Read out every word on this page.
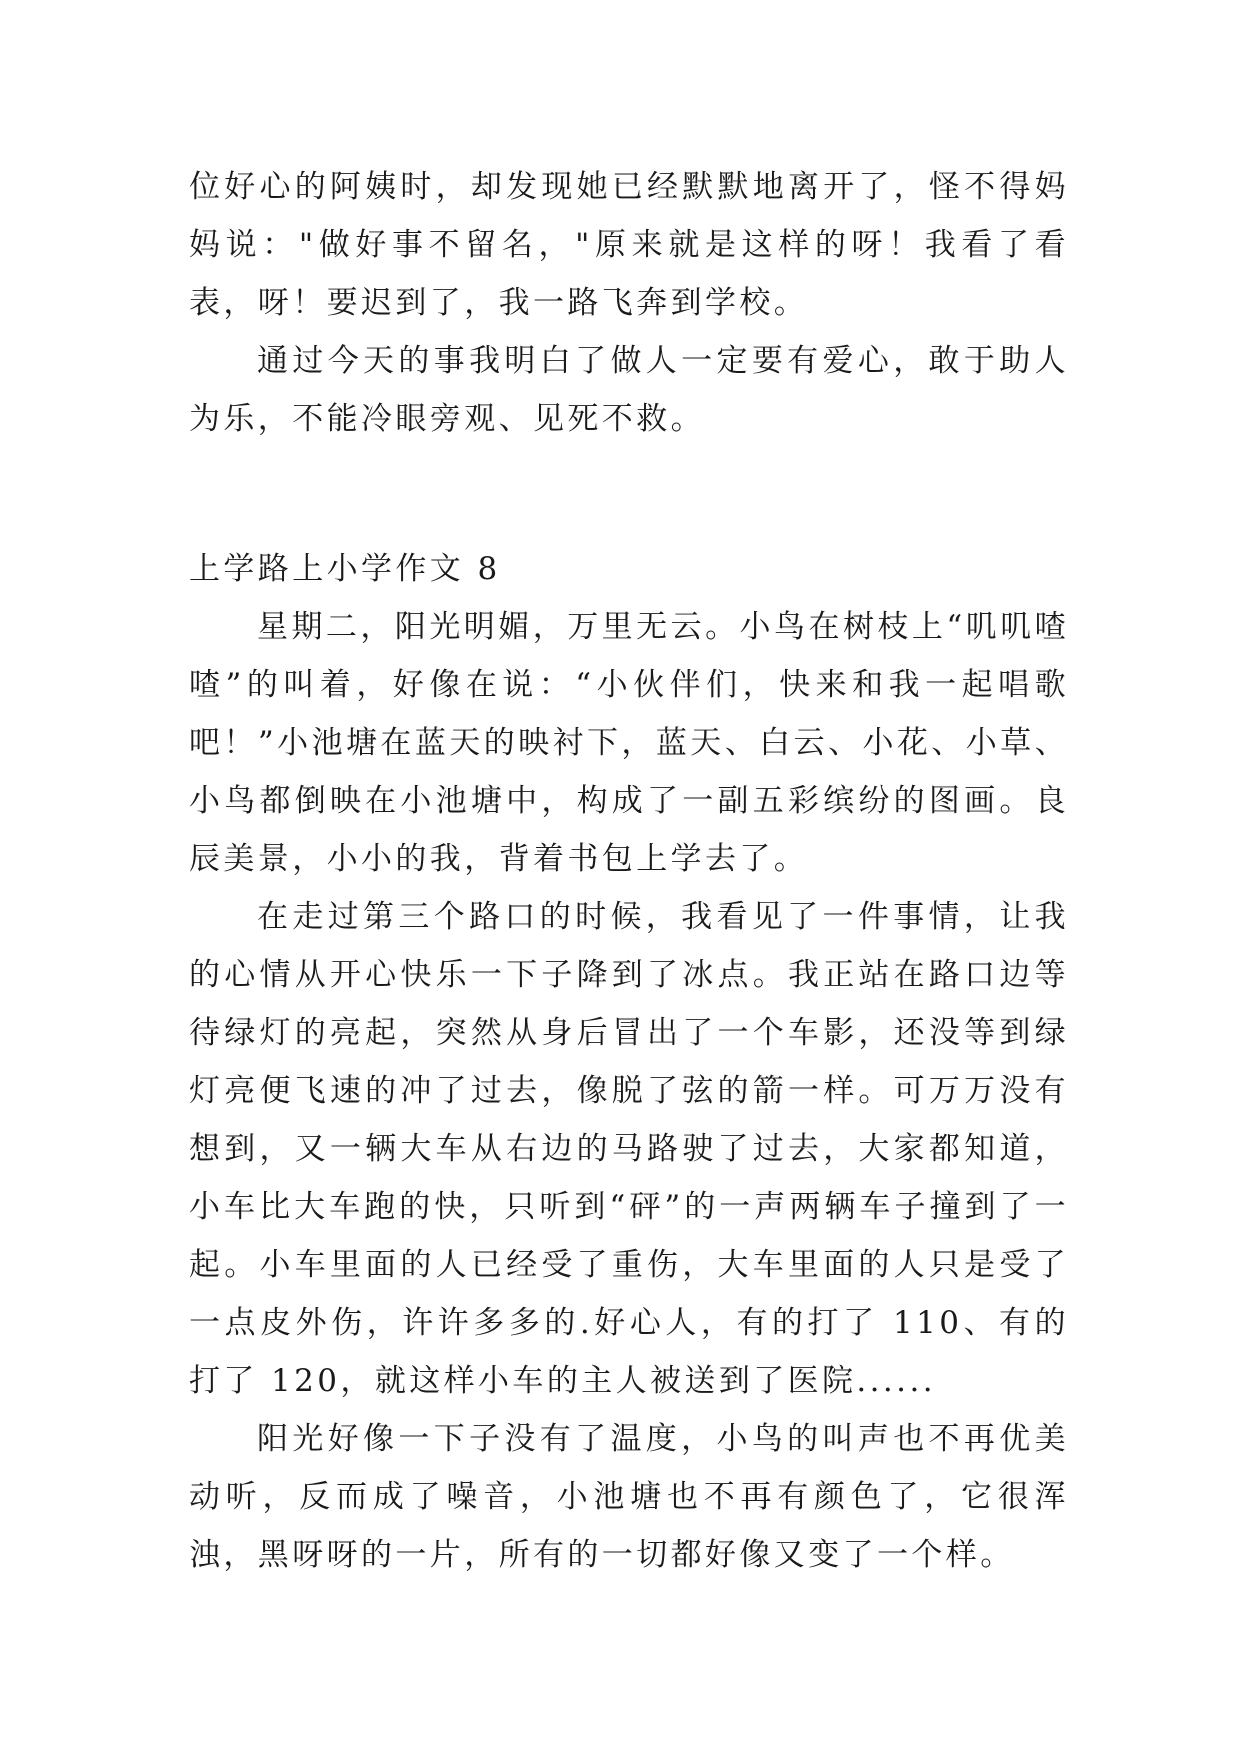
位好心的阿姨时，却发现她已经默默地离开了，怪不得妈妈说："做好事不留名，"原来就是这样的呀！我看了看表，呀！要迟到了，我一路飞奔到学校。

通过今天的事我明白了做人一定要有爱心，敢于助人为乐，不能冷眼旁观、见死不救。

上学路上小学作文 8

星期二，阳光明媚，万里无云。小鸟在树枝上“叽叽喳喳”的叫着，好像在说：“小伙伴们，快来和我一起唱歌吧！”小池塘在蓝天的映衬下，蓝天、白云、小花、小草、小鸟都倒映在小池塘中，构成了一副五彩缤纷的图画。良辰美景，小小的我，背着书包上学去了。

在走过第三个路口的时候，我看见了一件事情，让我的心情从开心快乐一下子降到了冰点。我正站在路口边等待绿灯的亮起，突然从身后冒出了一个车影，还没等到绿灯亮便飞速的冲了过去，像脱了弦的箭一样。可万万没有想到，又一辆大车从右边的马路驶了过去，大家都知道，小车比大车跑的快，只听到“砰”的一声两辆车子撞到了一起。小车里面的人已经受了重伤，大车里面的人只是受了一点皮外伤，许许多多的.好心人，有的打了 110、有的打了 120，就这样小车的主人被送到了医院......

阳光好像一下子没有了温度，小鸟的叫声也不再优美动听，反而成了噪音，小池塘也不再有颜色了，它很浑浊，黑呀呀的一片，所有的一切都好像又变了一个样。
